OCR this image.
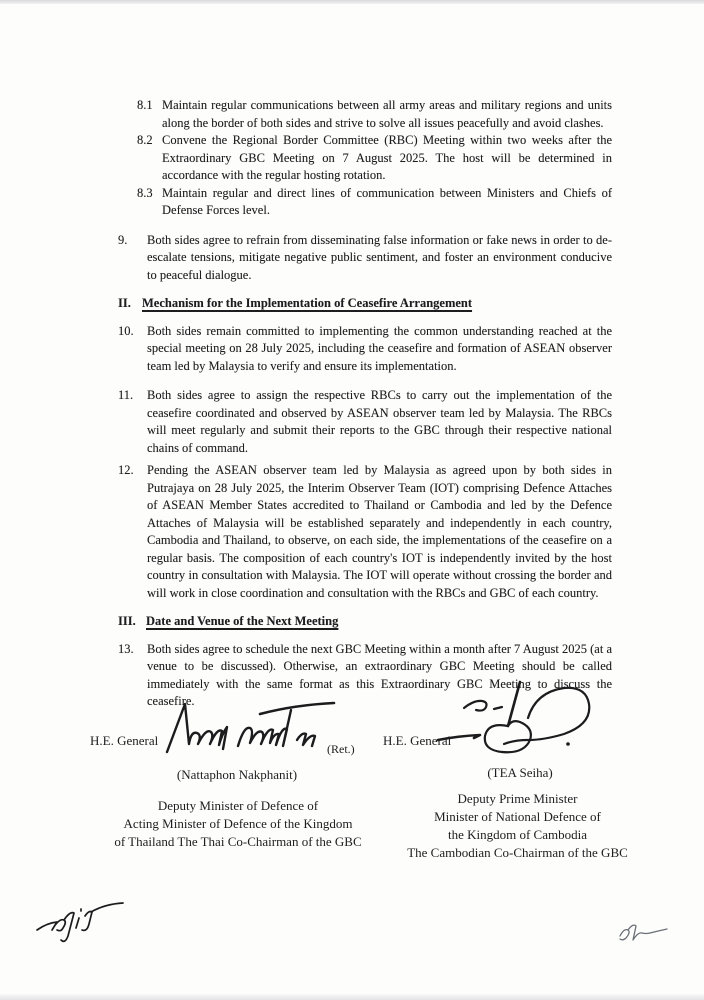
8.1 Maintain regular communications between all army areas and military regions and units along the border of both sides and strive to solve all issues peacefully and avoid clashes.
8.2 Convene the Regional Border Committee (RBC) Meeting within two weeks after the Extraordinary GBC Meeting on 7 August 2025. The host will be determined in accordance with the regular hosting rotation.
8.3 Maintain regular and direct lines of communication between Ministers and Chiefs of Defense Forces level.
9.	Both sides agree to refrain from disseminating false information or fake news in order to de-escalate tensions, mitigate negative public sentiment, and foster an environment conducive to peaceful dialogue.
II. Mechanism for the Implementation of Ceasefire Arrangement
10.	Both sides remain committed to implementing the common understanding reached at the special meeting on 28 July 2025, including the ceasefire and formation of ASEAN observer team led by Malaysia to verify and ensure its implementation.
11.	Both sides agree to assign the respective RBCs to carry out the implementation of the ceasefire coordinated and observed by ASEAN observer team led by Malaysia. The RBCs will meet regularly and submit their reports to the GBC through their respective national chains of command.
12.	Pending the ASEAN observer team led by Malaysia as agreed upon by both sides in Putrajaya on 28 July 2025, the Interim Observer Team (IOT) comprising Defence Attaches of ASEAN Member States accredited to Thailand or Cambodia and led by the Defence Attaches of Malaysia will be established separately and independently in each country, Cambodia and Thailand, to observe, on each side, the implementations of the ceasefire on a regular basis. The composition of each country's IOT is independently invited by the host country in consultation with Malaysia. The IOT will operate without crossing the border and will work in close coordination and consultation with the RBCs and GBC of each country.
III. Date and Venue of the Next Meeting
13.	Both sides agree to schedule the next GBC Meeting within a month after 7 August 2025 (at a venue to be discussed). Otherwise, an extraordinary GBC Meeting should be called immediately with the same format as this Extraordinary GBC Meeting to discuss the ceasefire.
H.E. General
(Ret.)
(Nattaphon Nakphanit)
Deputy Minister of Defence of
Acting Minister of Defence of the Kingdom
of Thailand The Thai Co-Chairman of the GBC
H.E. General
(TEA Seiha)
Deputy Prime Minister
Minister of National Defence of
the Kingdom of Cambodia
The Cambodian Co-Chairman of the GBC
